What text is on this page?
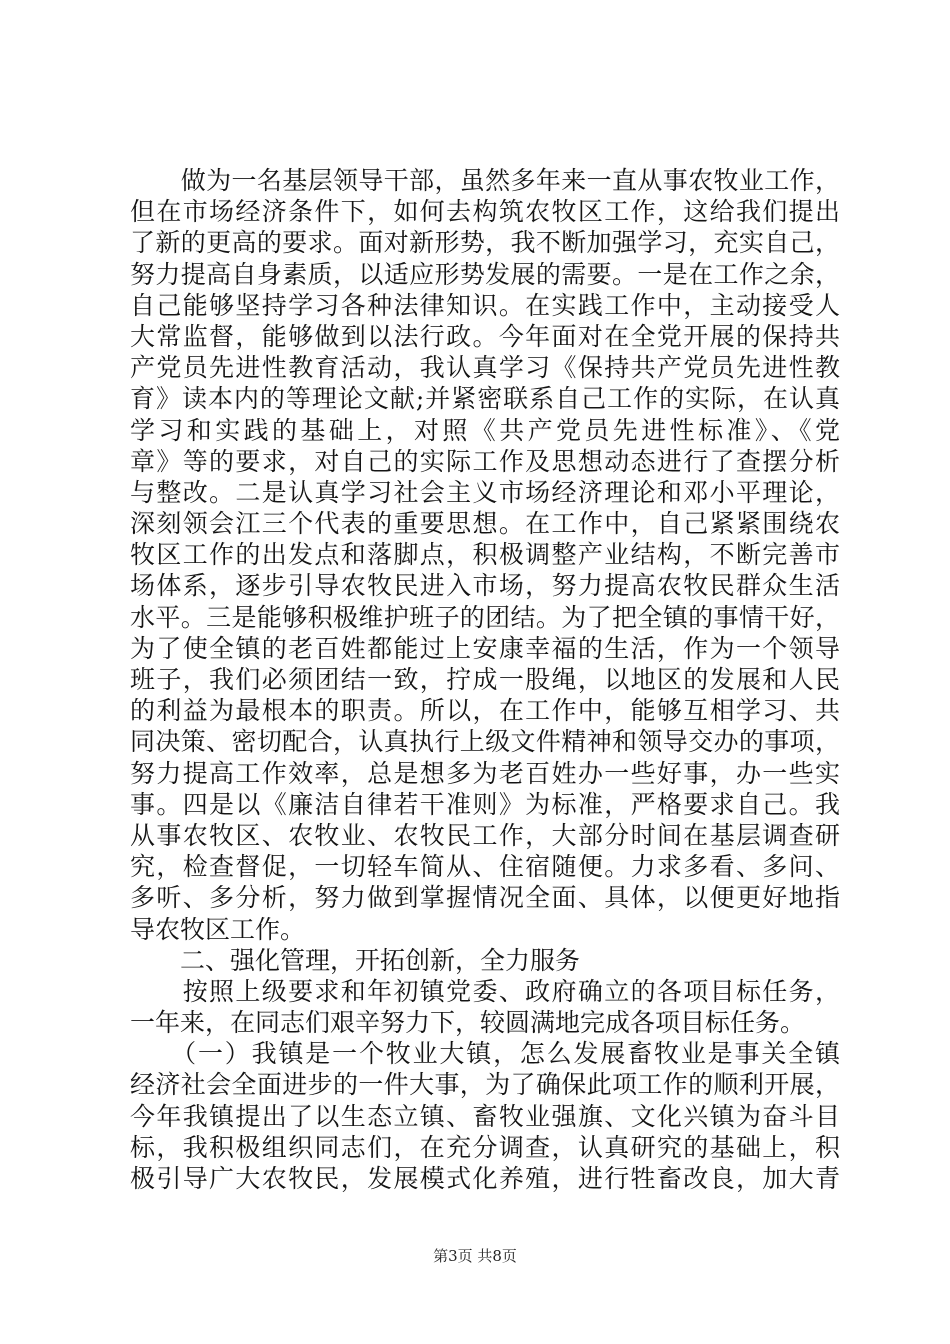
　　做为一名基层领导干部，虽然多年来一直从事农牧业工作，
但在市场经济条件下，如何去构筑农牧区工作，这给我们提出
了新的更高的要求。面对新形势，我不断加强学习，充实自己，
努力提高自身素质，以适应形势发展的需要。一是在工作之余，
自己能够坚持学习各种法律知识。在实践工作中，主动接受人
大常监督，能够做到以法行政。今年面对在全党开展的保持共
产党员先进性教育活动，我认真学习《保持共产党员先进性教
育》读本内的等理论文献;并紧密联系自己工作的实际，在认真
学习和实践的基础上，对照《共产党员先进性标准》、《党
章》等的要求，对自己的实际工作及思想动态进行了查摆分析
与整改。二是认真学习社会主义市场经济理论和邓小平理论，
深刻领会江三个代表的重要思想。在工作中，自己紧紧围绕农
牧区工作的出发点和落脚点，积极调整产业结构，不断完善市
场体系，逐步引导农牧民进入市场，努力提高农牧民群众生活
水平。三是能够积极维护班子的团结。为了把全镇的事情干好，
为了使全镇的老百姓都能过上安康幸福的生活，作为一个领导
班子，我们必须团结一致，拧成一股绳，以地区的发展和人民
的利益为最根本的职责。所以，在工作中，能够互相学习、共
同决策、密切配合，认真执行上级文件精神和领导交办的事项，
努力提高工作效率，总是想多为老百姓办一些好事，办一些实
事。四是以《廉洁自律若干准则》为标准，严格要求自己。我
从事农牧区、农牧业、农牧民工作，大部分时间在基层调查研
究，检查督促，一切轻车简从、住宿随便。力求多看、多问、
多听、多分析，努力做到掌握情况全面、具体，以便更好地指
导农牧区工作。
　　二、强化管理，开拓创新，全力服务
　　按照上级要求和年初镇党委、政府确立的各项目标任务，
一年来，在同志们艰辛努力下，较圆满地完成各项目标任务。
　　（一）我镇是一个牧业大镇，怎么发展畜牧业是事关全镇
经济社会全面进步的一件大事，为了确保此项工作的顺利开展，
今年我镇提出了以生态立镇、畜牧业强旗、文化兴镇为奋斗目
标，我积极组织同志们，在充分调查，认真研究的基础上，积
极引导广大农牧民，发展模式化养殖，进行牲畜改良，加大青
第3页 共8页
